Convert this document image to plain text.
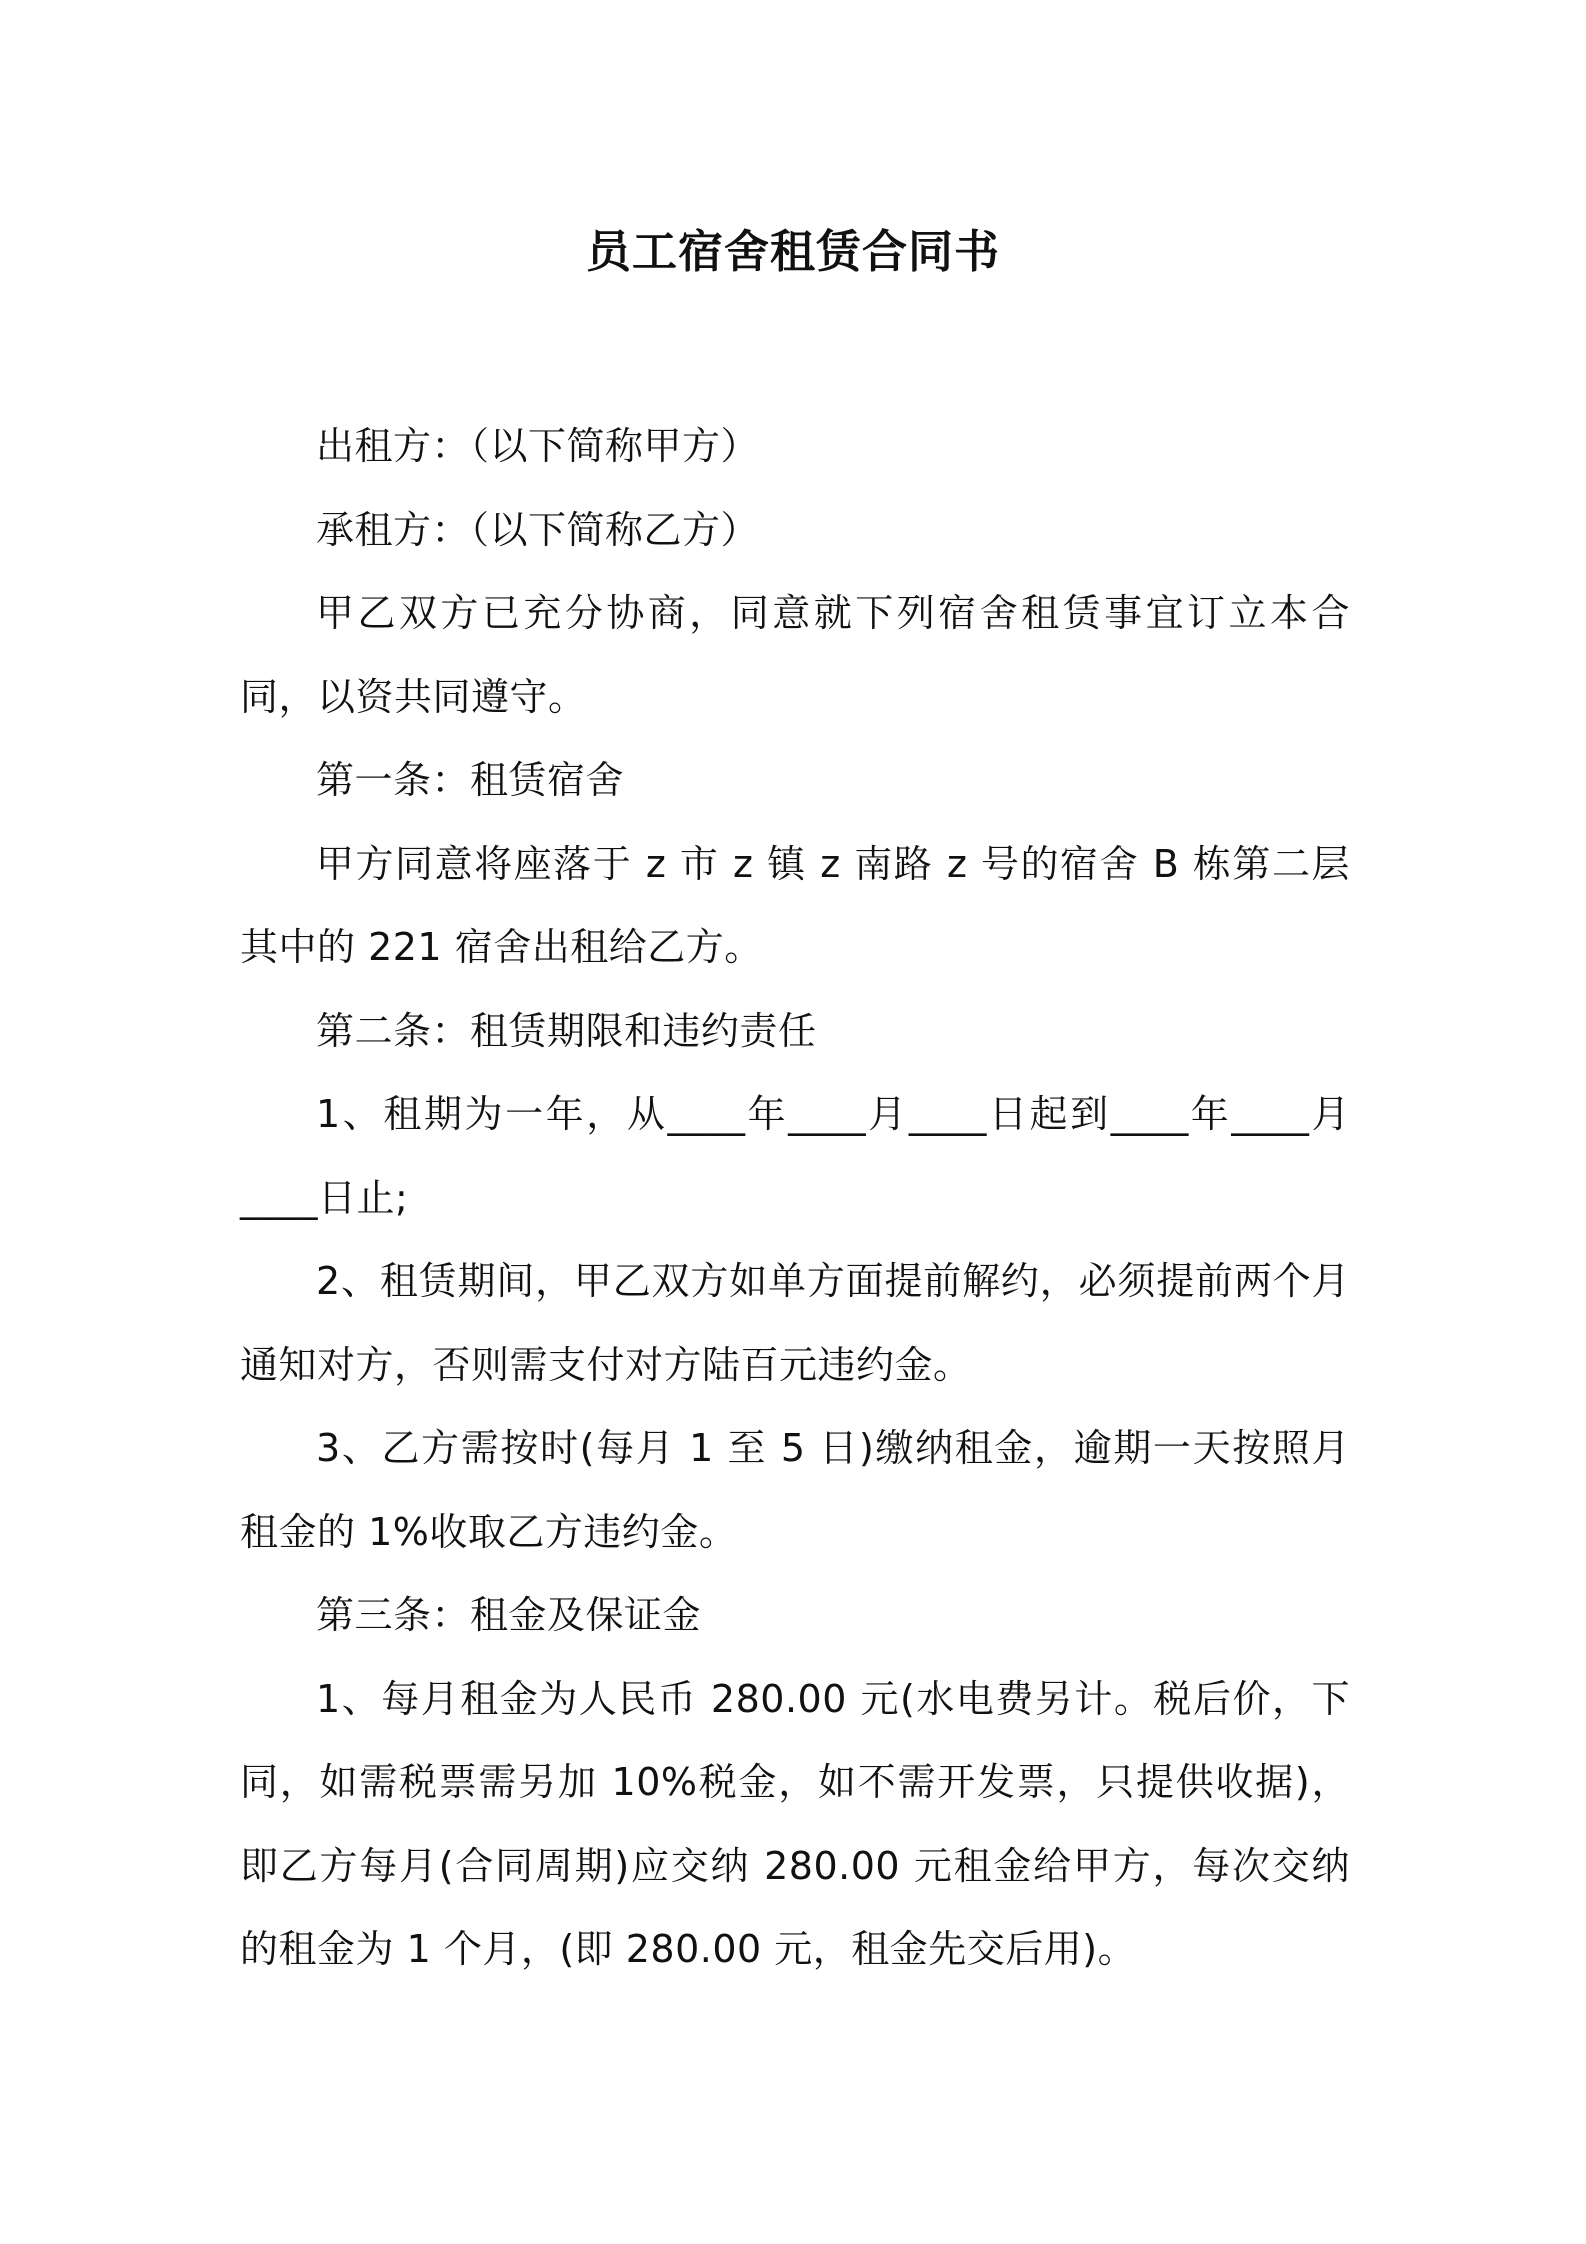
员工宿舍租赁合同书

出租方：（以下简称甲方）

承租方：（以下简称乙方）

甲乙双方已充分协商，同意就下列宿舍租赁事宜订立本合同，以资共同遵守。

第一条：租赁宿舍

甲方同意将座落于 z 市 z 镇 z 南路 z 号的宿舍 B 栋第二层其中的 221 宿舍出租给乙方。

第二条：租赁期限和违约责任

1、租期为一年，从____年____月____日起到____年____月____日止;

2、租赁期间，甲乙双方如单方面提前解约，必须提前两个月通知对方，否则需支付对方陆百元违约金。

3、乙方需按时(每月 1 至 5 日)缴纳租金，逾期一天按照月租金的 1%收取乙方违约金。

第三条：租金及保证金

1、每月租金为人民币 280.00 元(水电费另计。税后价，下同，如需税票需另加 10%税金，如不需开发票，只提供收据)，即乙方每月(合同周期)应交纳 280.00 元租金给甲方，每次交纳的租金为 1 个月，(即 280.00 元，租金先交后用)。
